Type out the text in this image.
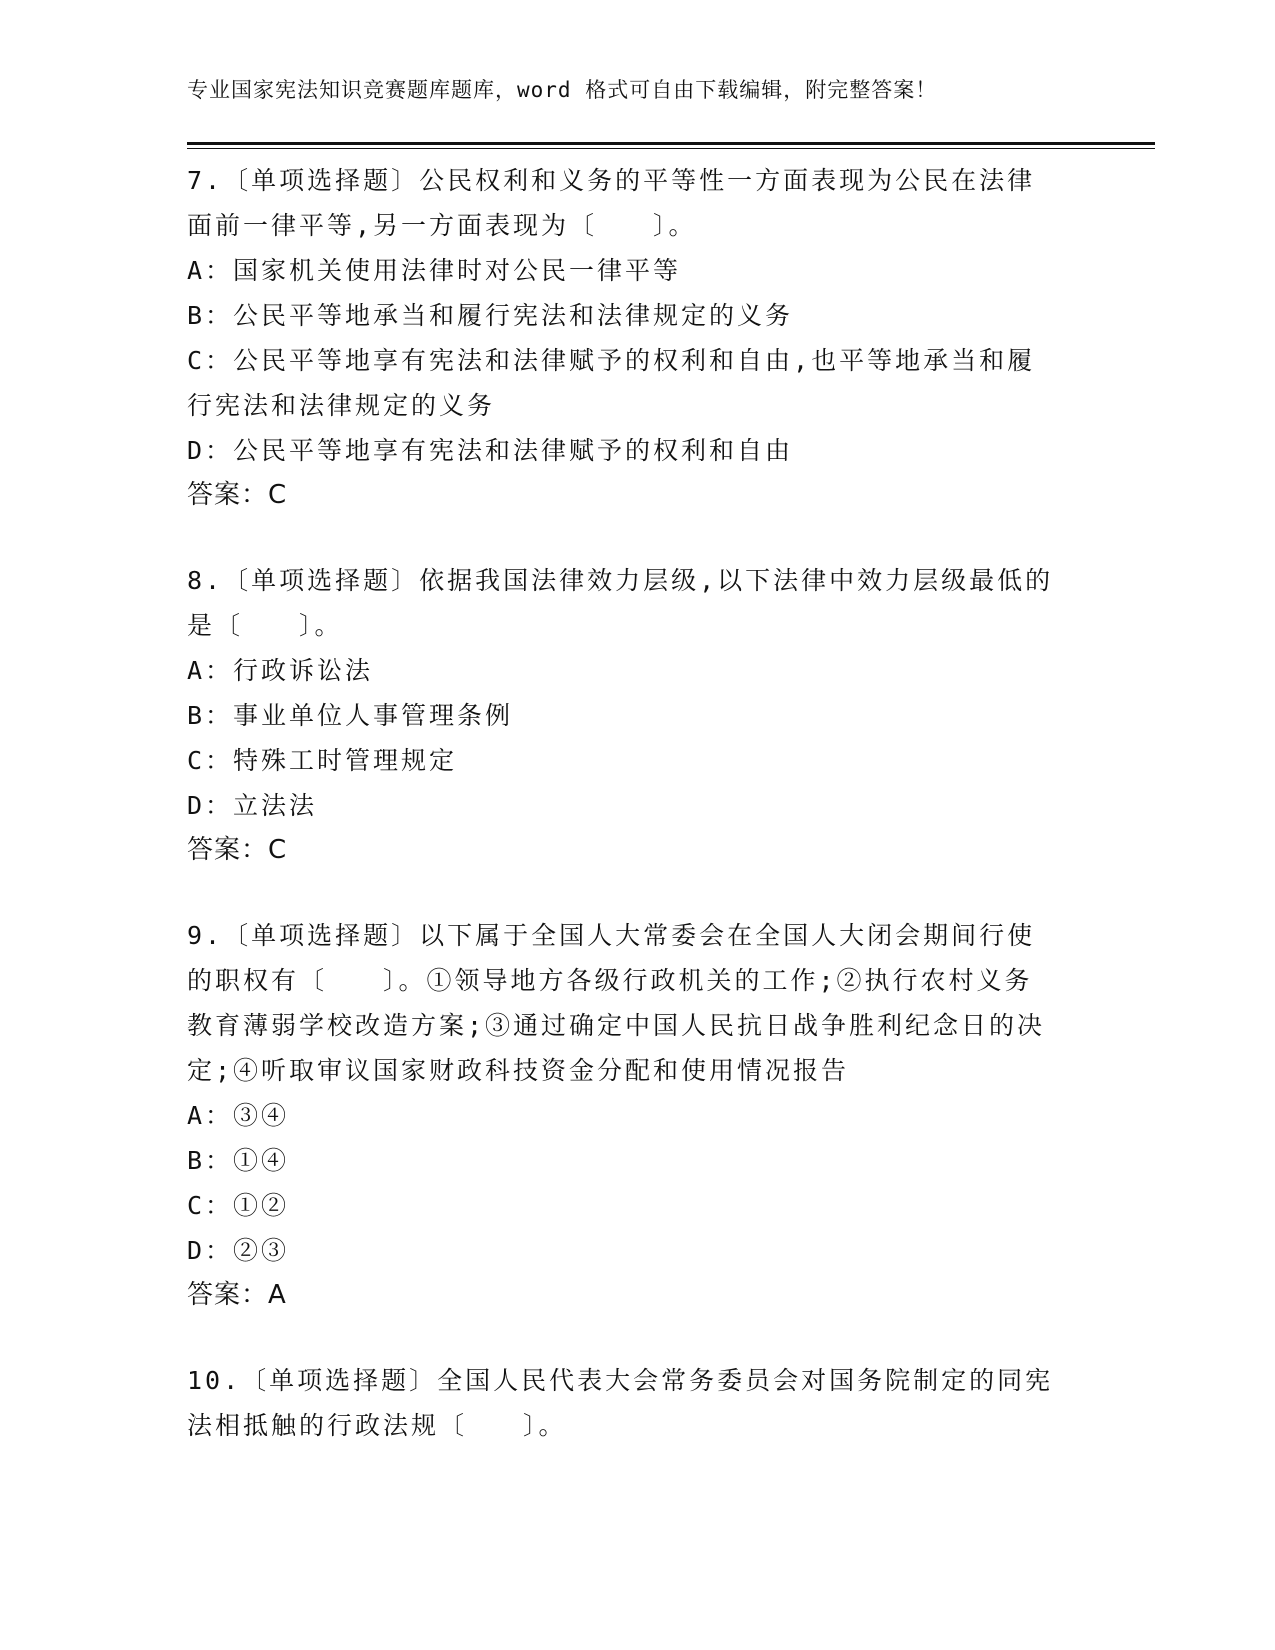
专业国家宪法知识竞赛题库题库，word 格式可自由下载编辑，附完整答案！
7.〔单项选择题〕公民权利和义务的平等性一方面表现为公民在法律
面前一律平等,另一方面表现为〔　　〕。
A：国家机关使用法律时对公民一律平等
B：公民平等地承当和履行宪法和法律规定的义务
C：公民平等地享有宪法和法律赋予的权利和自由,也平等地承当和履
行宪法和法律规定的义务
D：公民平等地享有宪法和法律赋予的权利和自由
答案：C
8.〔单项选择题〕依据我国法律效力层级,以下法律中效力层级最低的
是〔　　〕。
A：行政诉讼法
B：事业单位人事管理条例
C：特殊工时管理规定
D：立法法
答案：C
9.〔单项选择题〕以下属于全国人大常委会在全国人大闭会期间行使
的职权有〔　　〕。①领导地方各级行政机关的工作;②执行农村义务
教育薄弱学校改造方案;③通过确定中国人民抗日战争胜利纪念日的决
定;④听取审议国家财政科技资金分配和使用情况报告
A：③④
B：①④
C：①②
D：②③
答案：A
10.〔单项选择题〕全国人民代表大会常务委员会对国务院制定的同宪
法相抵触的行政法规〔　　〕。
